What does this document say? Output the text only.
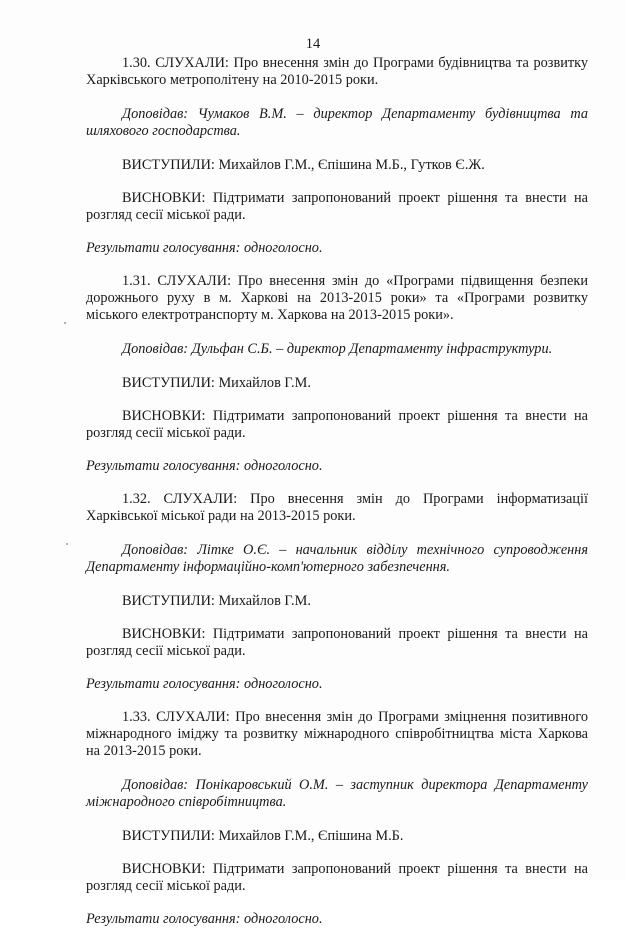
14

1.30. СЛУХАЛИ: Про внесення змін до Програми будівництва та розвитку Харківського метрополітену на 2010-2015 роки.

Доповідав: Чумаков В.М. – директор Департаменту будівництва та шляхового господарства.

ВИСТУПИЛИ: Михайлов Г.М., Єпішина М.Б., Гутков Є.Ж.

ВИСНОВКИ: Підтримати запропонований проект рішення та внести на розгляд сесії міської ради.

Результати голосування: одноголосно.

1.31. СЛУХАЛИ: Про внесення змін до «Програми підвищення безпеки дорожнього руху в м. Харкові на 2013-2015 роки» та «Програми розвитку міського електротранспорту м. Харкова на 2013-2015 роки».

Доповідав: Дульфан С.Б. – директор Департаменту інфраструктури.

ВИСТУПИЛИ: Михайлов Г.М.

ВИСНОВКИ: Підтримати запропонований проект рішення та внести на розгляд сесії міської ради.

Результати голосування: одноголосно.

1.32. СЛУХАЛИ: Про внесення змін до Програми інформатизації Харківської міської ради на 2013-2015 роки.

Доповідав: Літке О.Є. – начальник відділу технічного супроводження Департаменту інформаційно-комп'ютерного забезпечення.

ВИСТУПИЛИ: Михайлов Г.М.

ВИСНОВКИ: Підтримати запропонований проект рішення та внести на розгляд сесії міської ради.

Результати голосування: одноголосно.

1.33. СЛУХАЛИ: Про внесення змін до Програми зміцнення позитивного міжнародного іміджу та розвитку міжнародного співробітництва міста Харкова на 2013-2015 роки.

Доповідав: Понікаровський О.М. – заступник директора Департаменту міжнародного співробітництва.

ВИСТУПИЛИ: Михайлов Г.М., Єпішина М.Б.

ВИСНОВКИ: Підтримати запропонований проект рішення та внести на розгляд сесії міської ради.

Результати голосування: одноголосно.
